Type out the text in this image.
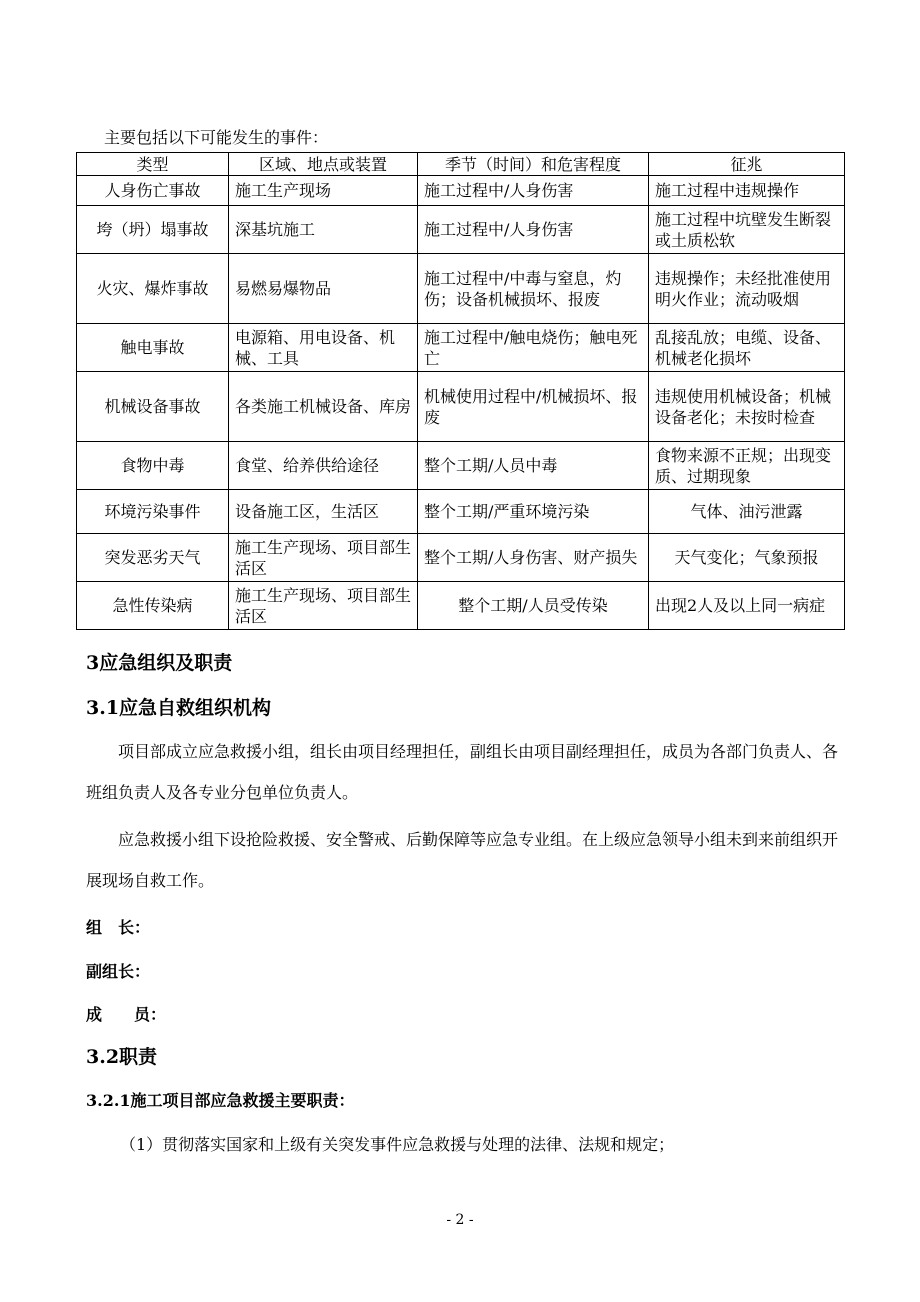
主要包括以下可能发生的事件：
类型	区域、地点或装置	季节（时间）和危害程度	征兆
人身伤亡事故	施工生产现场	施工过程中/人身伤害	施工过程中违规操作
垮（坍）塌事故	深基坑施工	施工过程中/人身伤害	施工过程中坑壁发生断裂或土质松软
火灾、爆炸事故	易燃易爆物品	施工过程中/中毒与窒息，灼伤；设备机械损坏、报废	违规操作；未经批准使用明火作业；流动吸烟
触电事故	电源箱、用电设备、机械、工具	施工过程中/触电烧伤；触电死亡	乱接乱放；电缆、设备、机械老化损坏
机械设备事故	各类施工机械设备、库房	机械使用过程中/机械损坏、报废	违规使用机械设备；机械设备老化；未按时检查
食物中毒	食堂、给养供给途径	整个工期/人员中毒	食物来源不正规；出现变质、过期现象
环境污染事件	设备施工区，生活区	整个工期/严重环境污染	气体、油污泄露
突发恶劣天气	施工生产现场、项目部生活区	整个工期/人身伤害、财产损失	天气变化；气象预报
急性传染病	施工生产现场、项目部生活区	整个工期/人员受传染	出现2人及以上同一病症
3应急组织及职责
3.1应急自救组织机构
项目部成立应急救援小组，组长由项目经理担任，副组长由项目副经理担任，成员为各部门负责人、各班组负责人及各专业分包单位负责人。
应急救援小组下设抢险救援、安全警戒、后勤保障等应急专业组。在上级应急领导小组未到来前组织开展现场自救工作。
组　长：
副组长：
成　　员：
3.2职责
3.2.1施工项目部应急救援主要职责：
（1）贯彻落实国家和上级有关突发事件应急救援与处理的法律、法规和规定；
- 2 -
